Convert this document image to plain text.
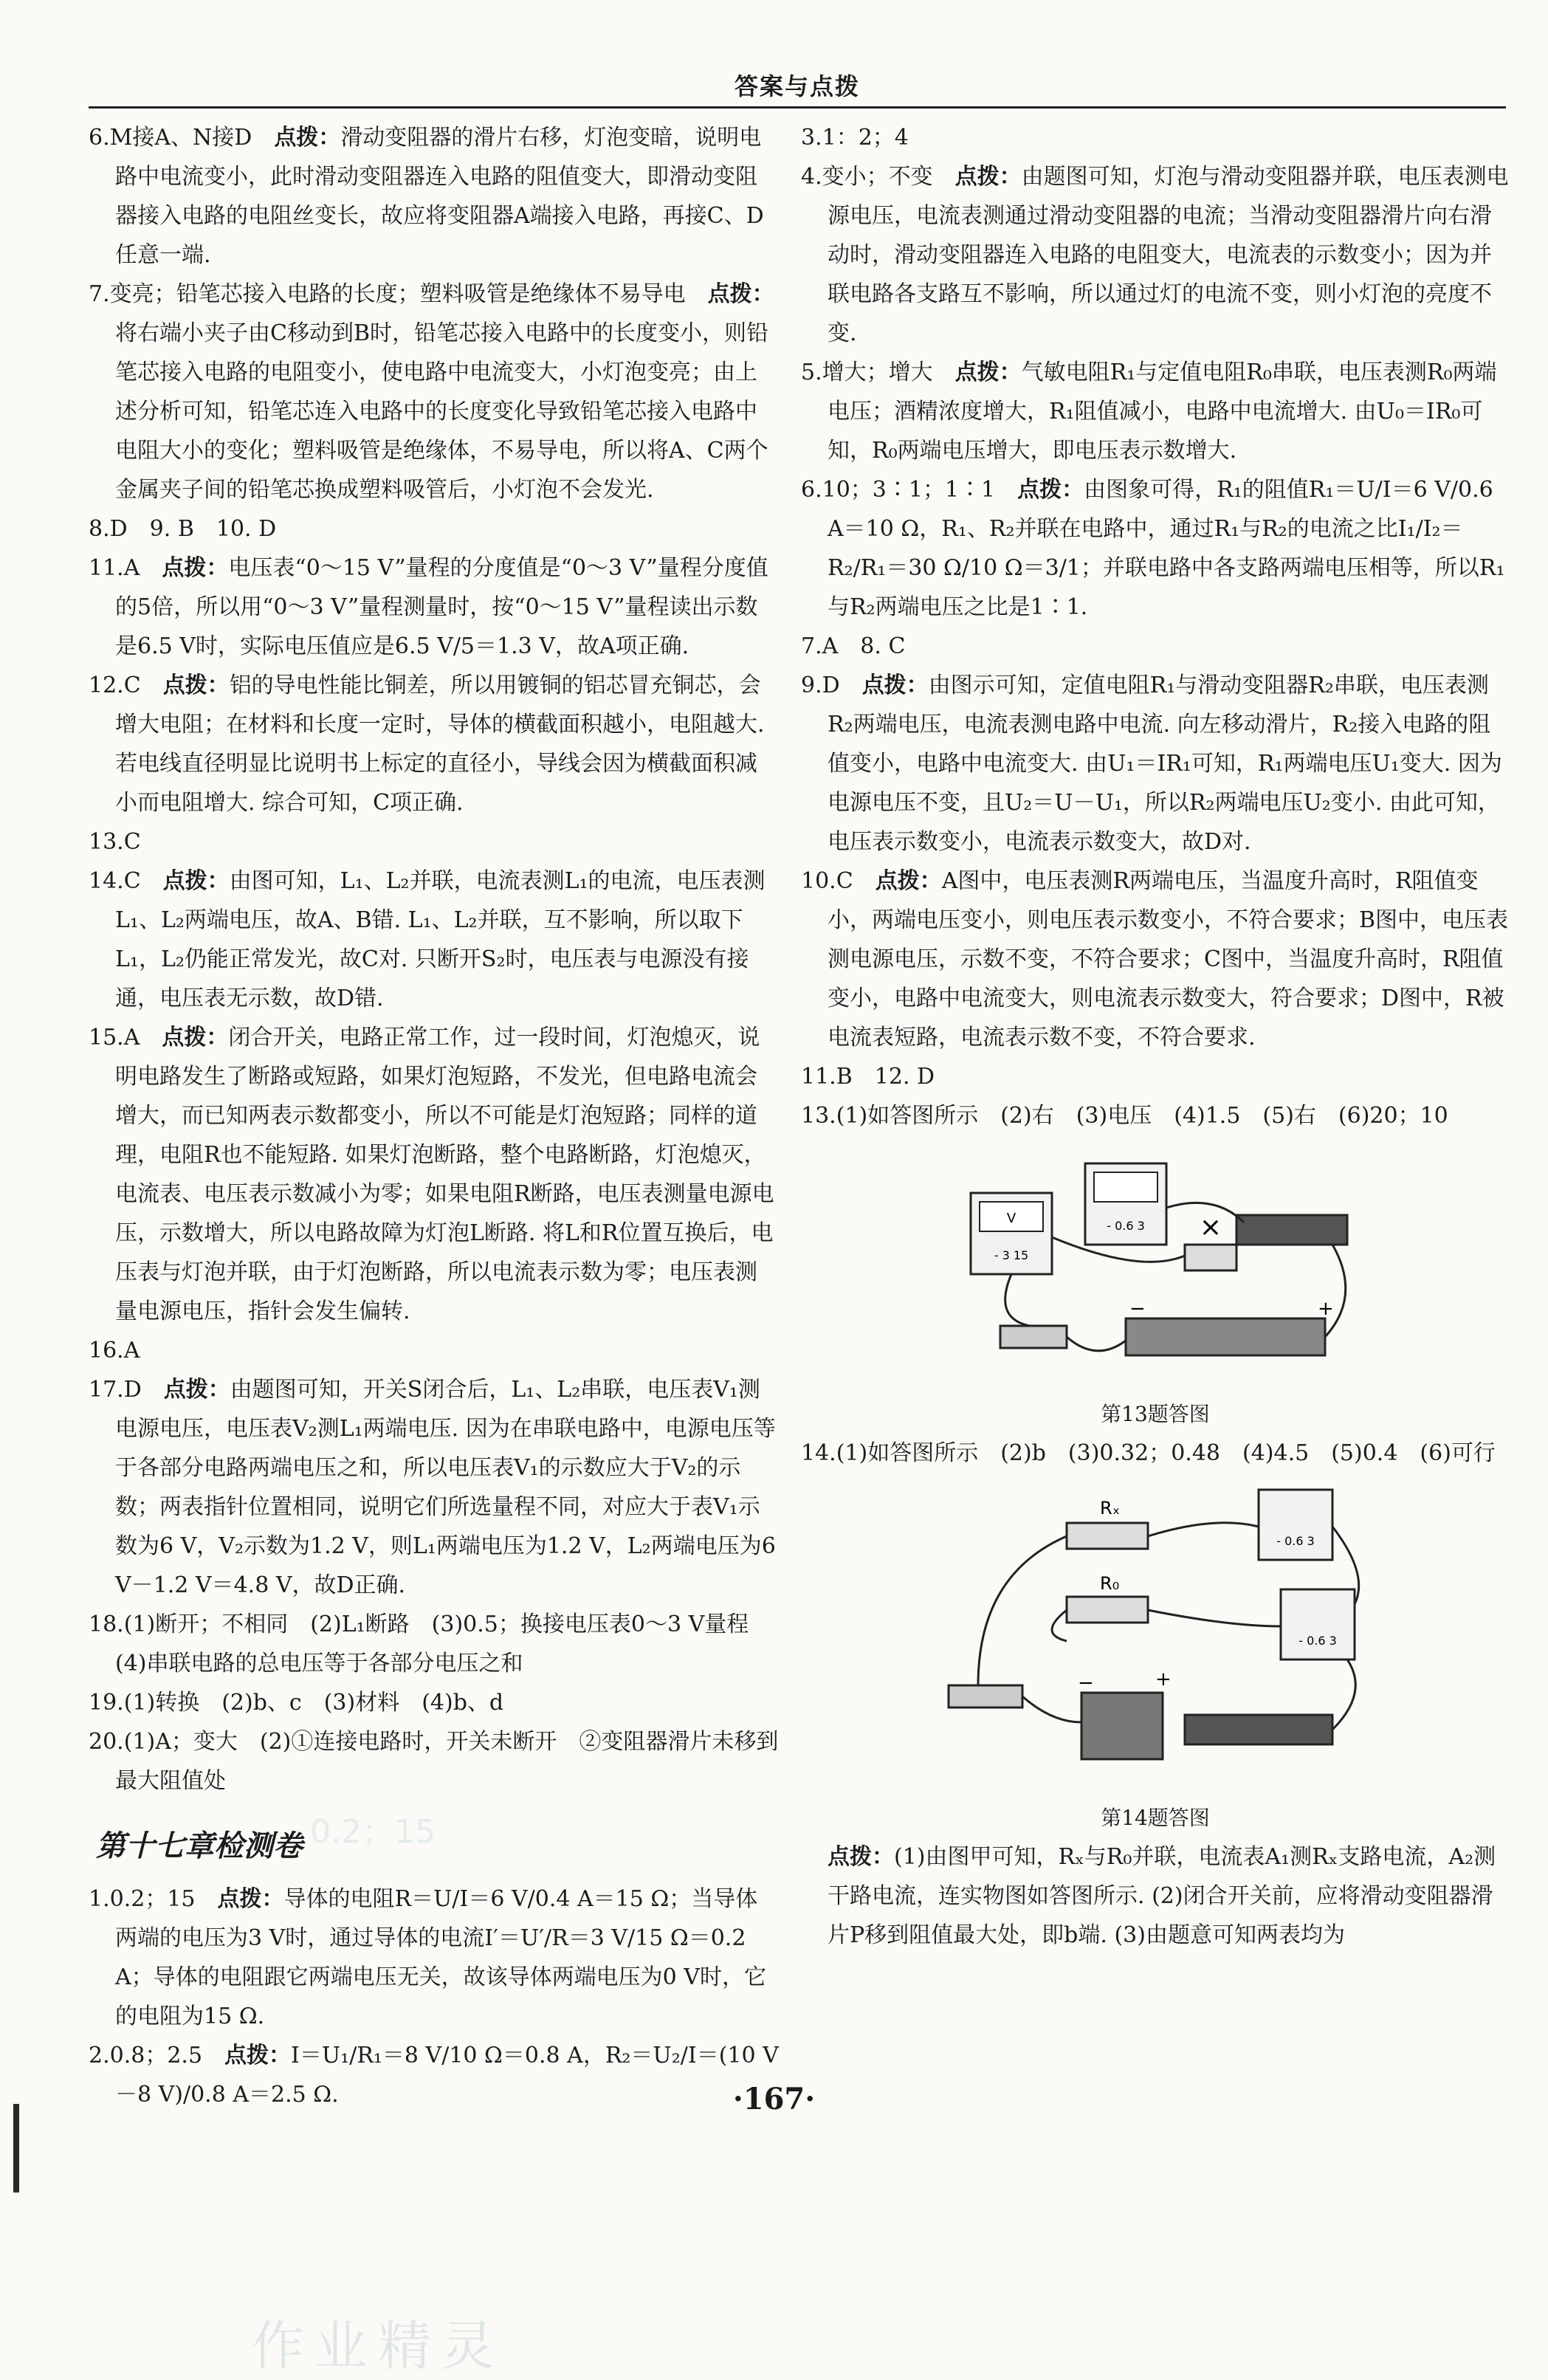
答案与点拨

6.M接A、N接D　 点拨：滑动变阻器的滑片右移，灯泡变暗，说明电路中电流变小，此时滑动变阻器连入电路的阻值变大，即滑动变阻器接入电路的电阻丝变长，故应将变阻器A端接入电路，再接C、D任意一端.

7.变亮；铅笔芯接入电路的长度；塑料吸管是绝缘体不易导电　 点拨：将右端小夹子由C移动到B时，铅笔芯接入电路中的长度变小，则铅笔芯接入电路的电阻变小，使电路中电流变大，小灯泡变亮；由上述分析可知，铅笔芯连入电路中的长度变化导致铅笔芯接入电路中电阻大小的变化；塑料吸管是绝缘体，不易导电，所以将A、C两个金属夹子间的铅笔芯换成塑料吸管后，小灯泡不会发光.

8.D　9. B　10. D

11.A　 点拨：电压表“0～15 V”量程的分度值是“0～3 V”量程分度值的5倍，所以用“0～3 V”量程测量时，按“0～15 V”量程读出示数是6.5 V时，实际电压值应是6.5 V/5＝1.3 V，故A项正确.

12.C　 点拨：铝的导电性能比铜差，所以用镀铜的铝芯冒充铜芯，会增大电阻；在材料和长度一定时，导体的横截面积越小，电阻越大. 若电线直径明显比说明书上标定的直径小，导线会因为横截面积减小而电阻增大. 综合可知，C项正确.

13.C

14.C　 点拨：由图可知，L₁、L₂并联，电流表测L₁的电流，电压表测L₁、L₂两端电压，故A、B错. L₁、L₂并联，互不影响，所以取下L₁，L₂仍能正常发光，故C对. 只断开S₂时，电压表与电源没有接通，电压表无示数，故D错.

15.A　 点拨：闭合开关，电路正常工作，过一段时间，灯泡熄灭，说明电路发生了断路或短路，如果灯泡短路，不发光，但电路电流会增大，而已知两表示数都变小，所以不可能是灯泡短路；同样的道理，电阻R也不能短路. 如果灯泡断路，整个电路断路，灯泡熄灭，电流表、电压表示数减小为零；如果电阻R断路，电压表测量电源电压，示数增大，所以电路故障为灯泡L断路. 将L和R位置互换后，电压表与灯泡并联，由于灯泡断路，所以电流表示数为零；电压表测量电源电压，指针会发生偏转.

16.A

17.D　 点拨：由题图可知，开关S闭合后，L₁、L₂串联，电压表V₁测电源电压，电压表V₂测L₁两端电压. 因为在串联电路中，电源电压等于各部分电路两端电压之和，所以电压表V₁的示数应大于V₂的示数；两表指针位置相同，说明它们所选量程不同，对应大于表V₁示数为6 V，V₂示数为1.2 V，则L₁两端电压为1.2 V，L₂两端电压为6 V－1.2 V＝4.8 V，故D正确.

18.(1)断开；不相同　(2)L₁断路　(3)0.5；换接电压表0～3 V量程　(4)串联电路的总电压等于各部分电压之和

19.(1)转换　(2)b、c　(3)材料　(4)b、d

20.(1)A；变大　(2)①连接电路时，开关未断开　②变阻器滑片未移到最大阻值处

第十七章检测卷

1.0.2；15　 点拨：导体的电阻R＝U/I＝6 V/0.4 A＝15 Ω；当导体两端的电压为3 V时，通过导体的电流I′＝U′/R＝3 V/15 Ω＝0.2 A；导体的电阻跟它两端电压无关，故该导体两端电压为0 V时，它的电阻为15 Ω.

2.0.8；2.5　 点拨：I＝U₁/R₁＝8 V/10 Ω＝0.8 A，R₂＝U₂/I＝(10 V－8 V)/0.8 A＝2.5 Ω.

3.1：2；4

4.变小；不变　 点拨：由题图可知，灯泡与滑动变阻器并联，电压表测电源电压，电流表测通过滑动变阻器的电流；当滑动变阻器滑片向右滑动时，滑动变阻器连入电路的电阻变大，电流表的示数变小；因为并联电路各支路互不影响，所以通过灯的电流不变，则小灯泡的亮度不变.

5.增大；增大　 点拨：气敏电阻R₁与定值电阻R₀串联，电压表测R₀两端电压；酒精浓度增大，R₁阻值减小，电路中电流增大. 由U₀＝IR₀可知，R₀两端电压增大，即电压表示数增大.

6.10；3∶1；1∶1　 点拨：由图象可得，R₁的阻值R₁＝U/I＝6 V/0.6 A＝10 Ω，R₁、R₂并联在电路中，通过R₁与R₂的电流之比I₁/I₂＝R₂/R₁＝30 Ω/10 Ω＝3/1；并联电路中各支路两端电压相等，所以R₁与R₂两端电压之比是1∶1.

7.A　8. C

9.D　 点拨：由图示可知，定值电阻R₁与滑动变阻器R₂串联，电压表测R₂两端电压，电流表测电路中电流. 向左移动滑片，R₂接入电路的阻值变小，电路中电流变大. 由U₁＝IR₁可知，R₁两端电压U₁变大. 因为电源电压不变，且U₂＝U－U₁，所以R₂两端电压U₂变小. 由此可知，电压表示数变小，电流表示数变大，故D对.

10.C　 点拨：A图中，电压表测R两端电压，当温度升高时，R阻值变小，两端电压变小，则电压表示数变小，不符合要求；B图中，电压表测电源电压，示数不变，不符合要求；C图中，当温度升高时，R阻值变小，电路中电流变大，则电流表示数变大，符合要求；D图中，R被电流表短路，电流表示数不变，不符合要求.

11.B　12. D

13.(1)如答图所示　(2)右　(3)电压　(4)1.5　(5)右　(6)20；10

V
- 3 15
- 0.6 3 ×
−	+
第13题答图

14.(1)如答图所示　(2)b　(3)0.32；0.48　(4)4.5　(5)0.4　(6)可行

Rₓ
R₀
- 0.6 3
- 0.6 3
−	+
第14题答图

点拨：(1)由图甲可知，Rₓ与R₀并联，电流表A₁测Rₓ支路电流，A₂测干路电流，连实物图如答图所示. (2)闭合开关前，应将滑动变阻器滑片P移到阻值最大处，即b端. (3)由题意可知两表均为

0.2；15
·167·
作业精灵
